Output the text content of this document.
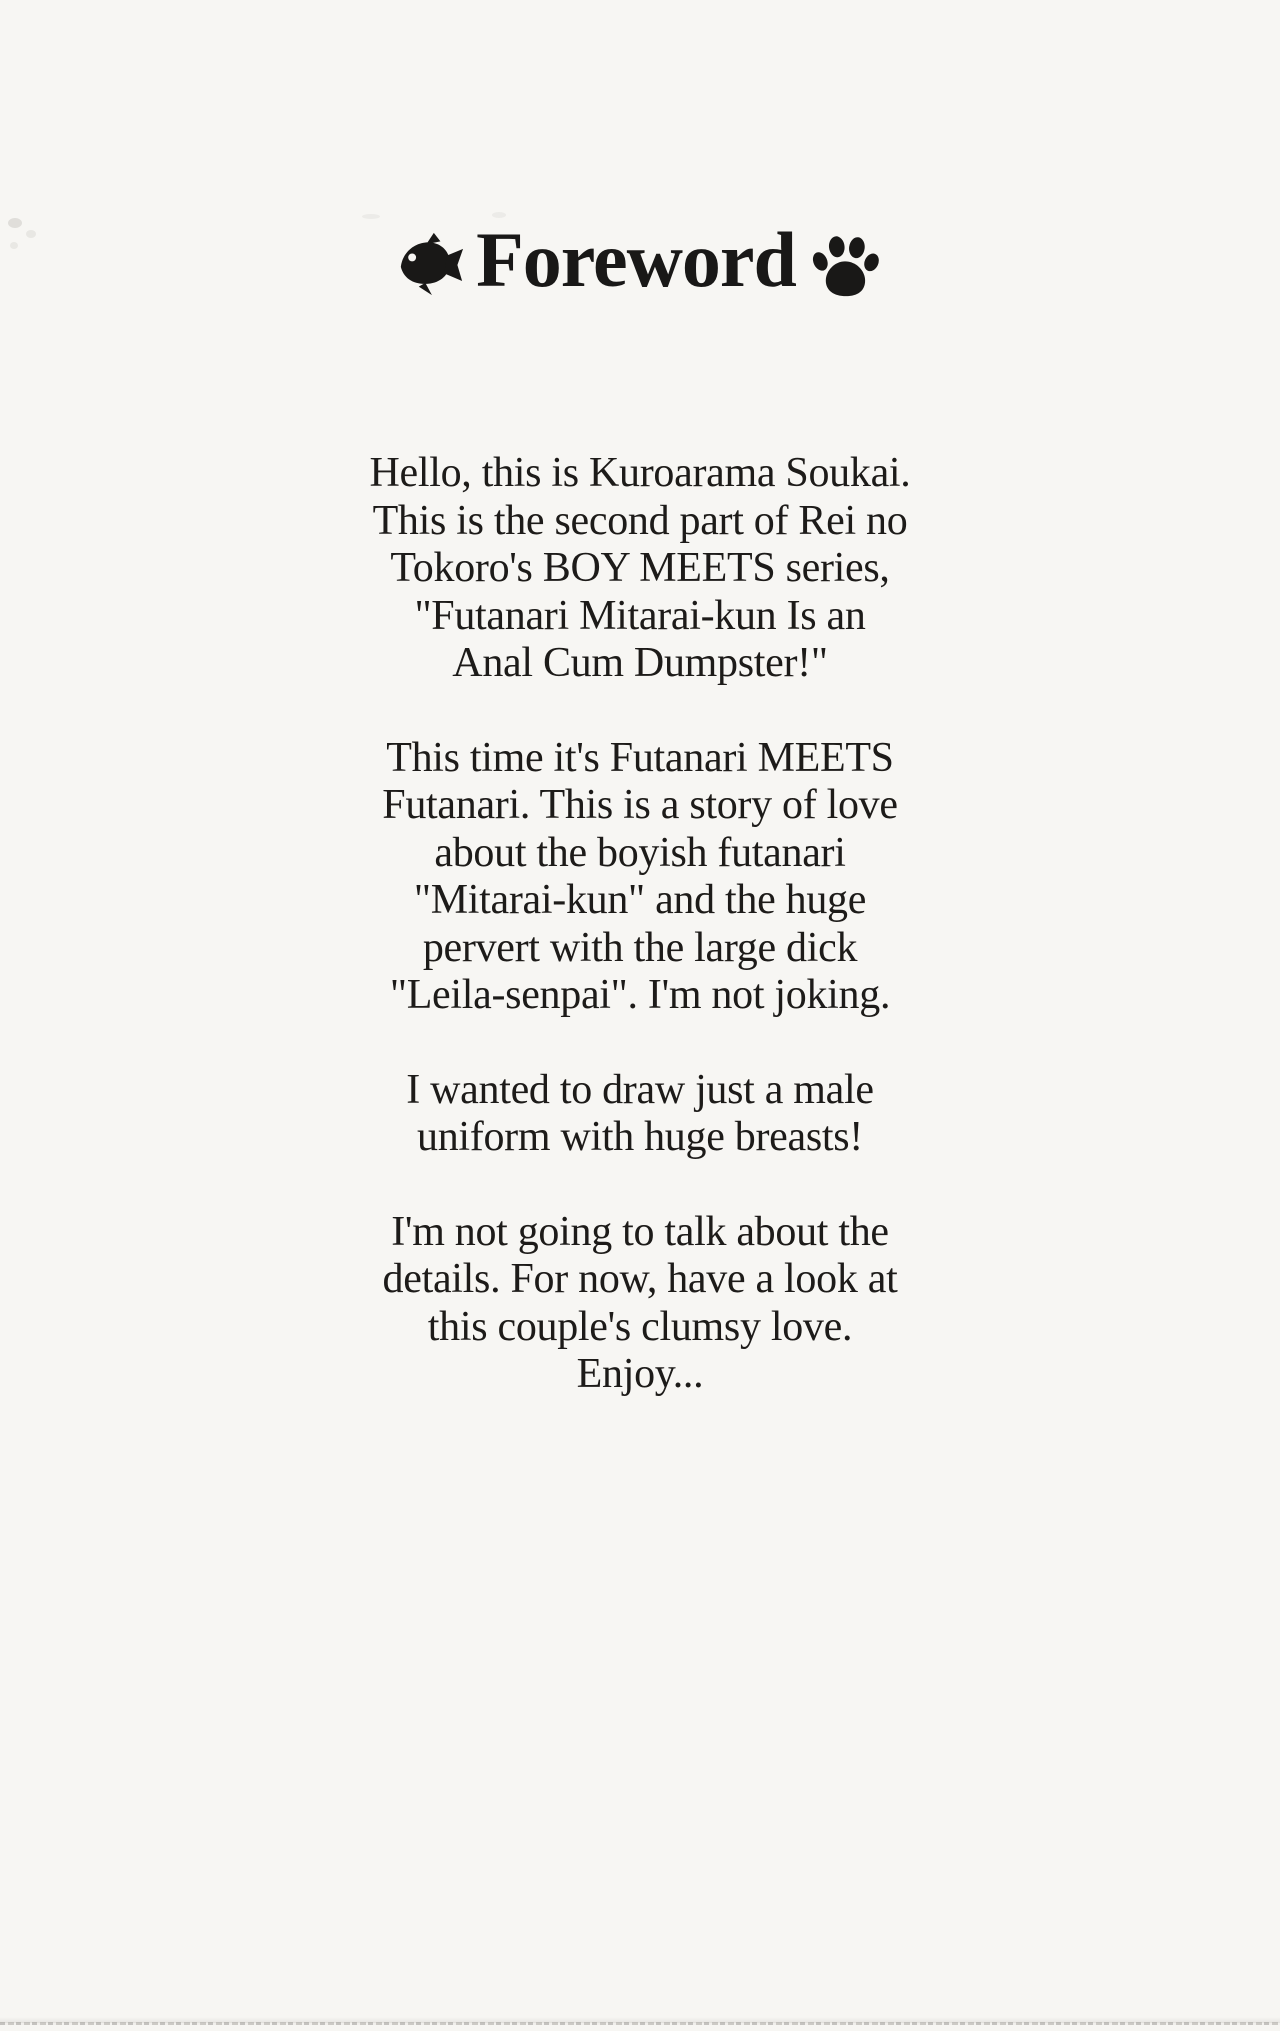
Foreword

Hello, this is Kuroarama Soukai.
This is the second part of Rei no
Tokoro's BOY MEETS series,
"Futanari Mitarai-kun Is an
Anal Cum Dumpster!"

This time it's Futanari MEETS
Futanari. This is a story of love
about the boyish futanari
"Mitarai-kun" and the huge
pervert with the large dick
"Leila-senpai". I'm not joking.

I wanted to draw just a male
uniform with huge breasts!

I'm not going to talk about the
details. For now, have a look at
this couple's clumsy love.
Enjoy...
